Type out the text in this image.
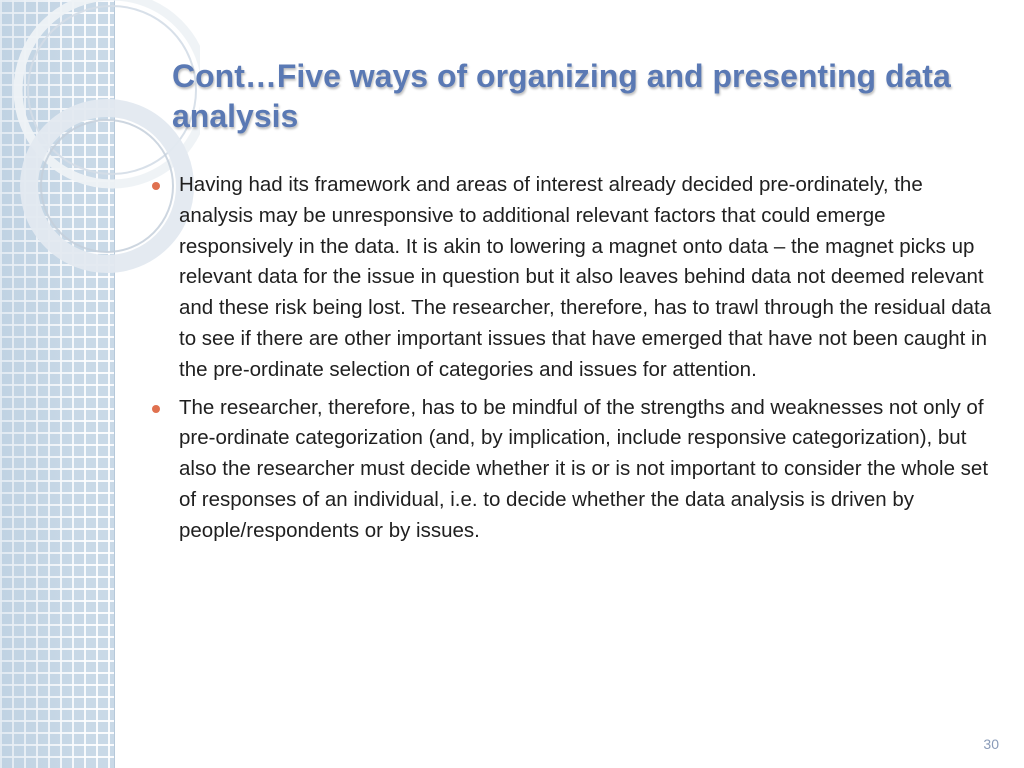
Cont…Five ways of organizing and presenting data analysis
Having had its framework and areas of interest already decided pre-ordinately, the analysis may be unresponsive to additional relevant factors that could emerge responsively in the data. It is akin to lowering a magnet onto data – the magnet picks up relevant data for the issue in question but it also leaves behind data not deemed relevant and these risk being lost. The researcher, therefore, has to trawl through the residual data to see if there are other important issues that have emerged that have not been caught in the pre-ordinate selection of categories and issues for attention.
The researcher, therefore, has to be mindful of the strengths and weaknesses not only of pre-ordinate categorization (and, by implication, include responsive categorization), but also the researcher must decide whether it is or is not important to consider the whole set of responses of an individual, i.e. to decide whether the data analysis is driven by people/respondents or by issues.
30
